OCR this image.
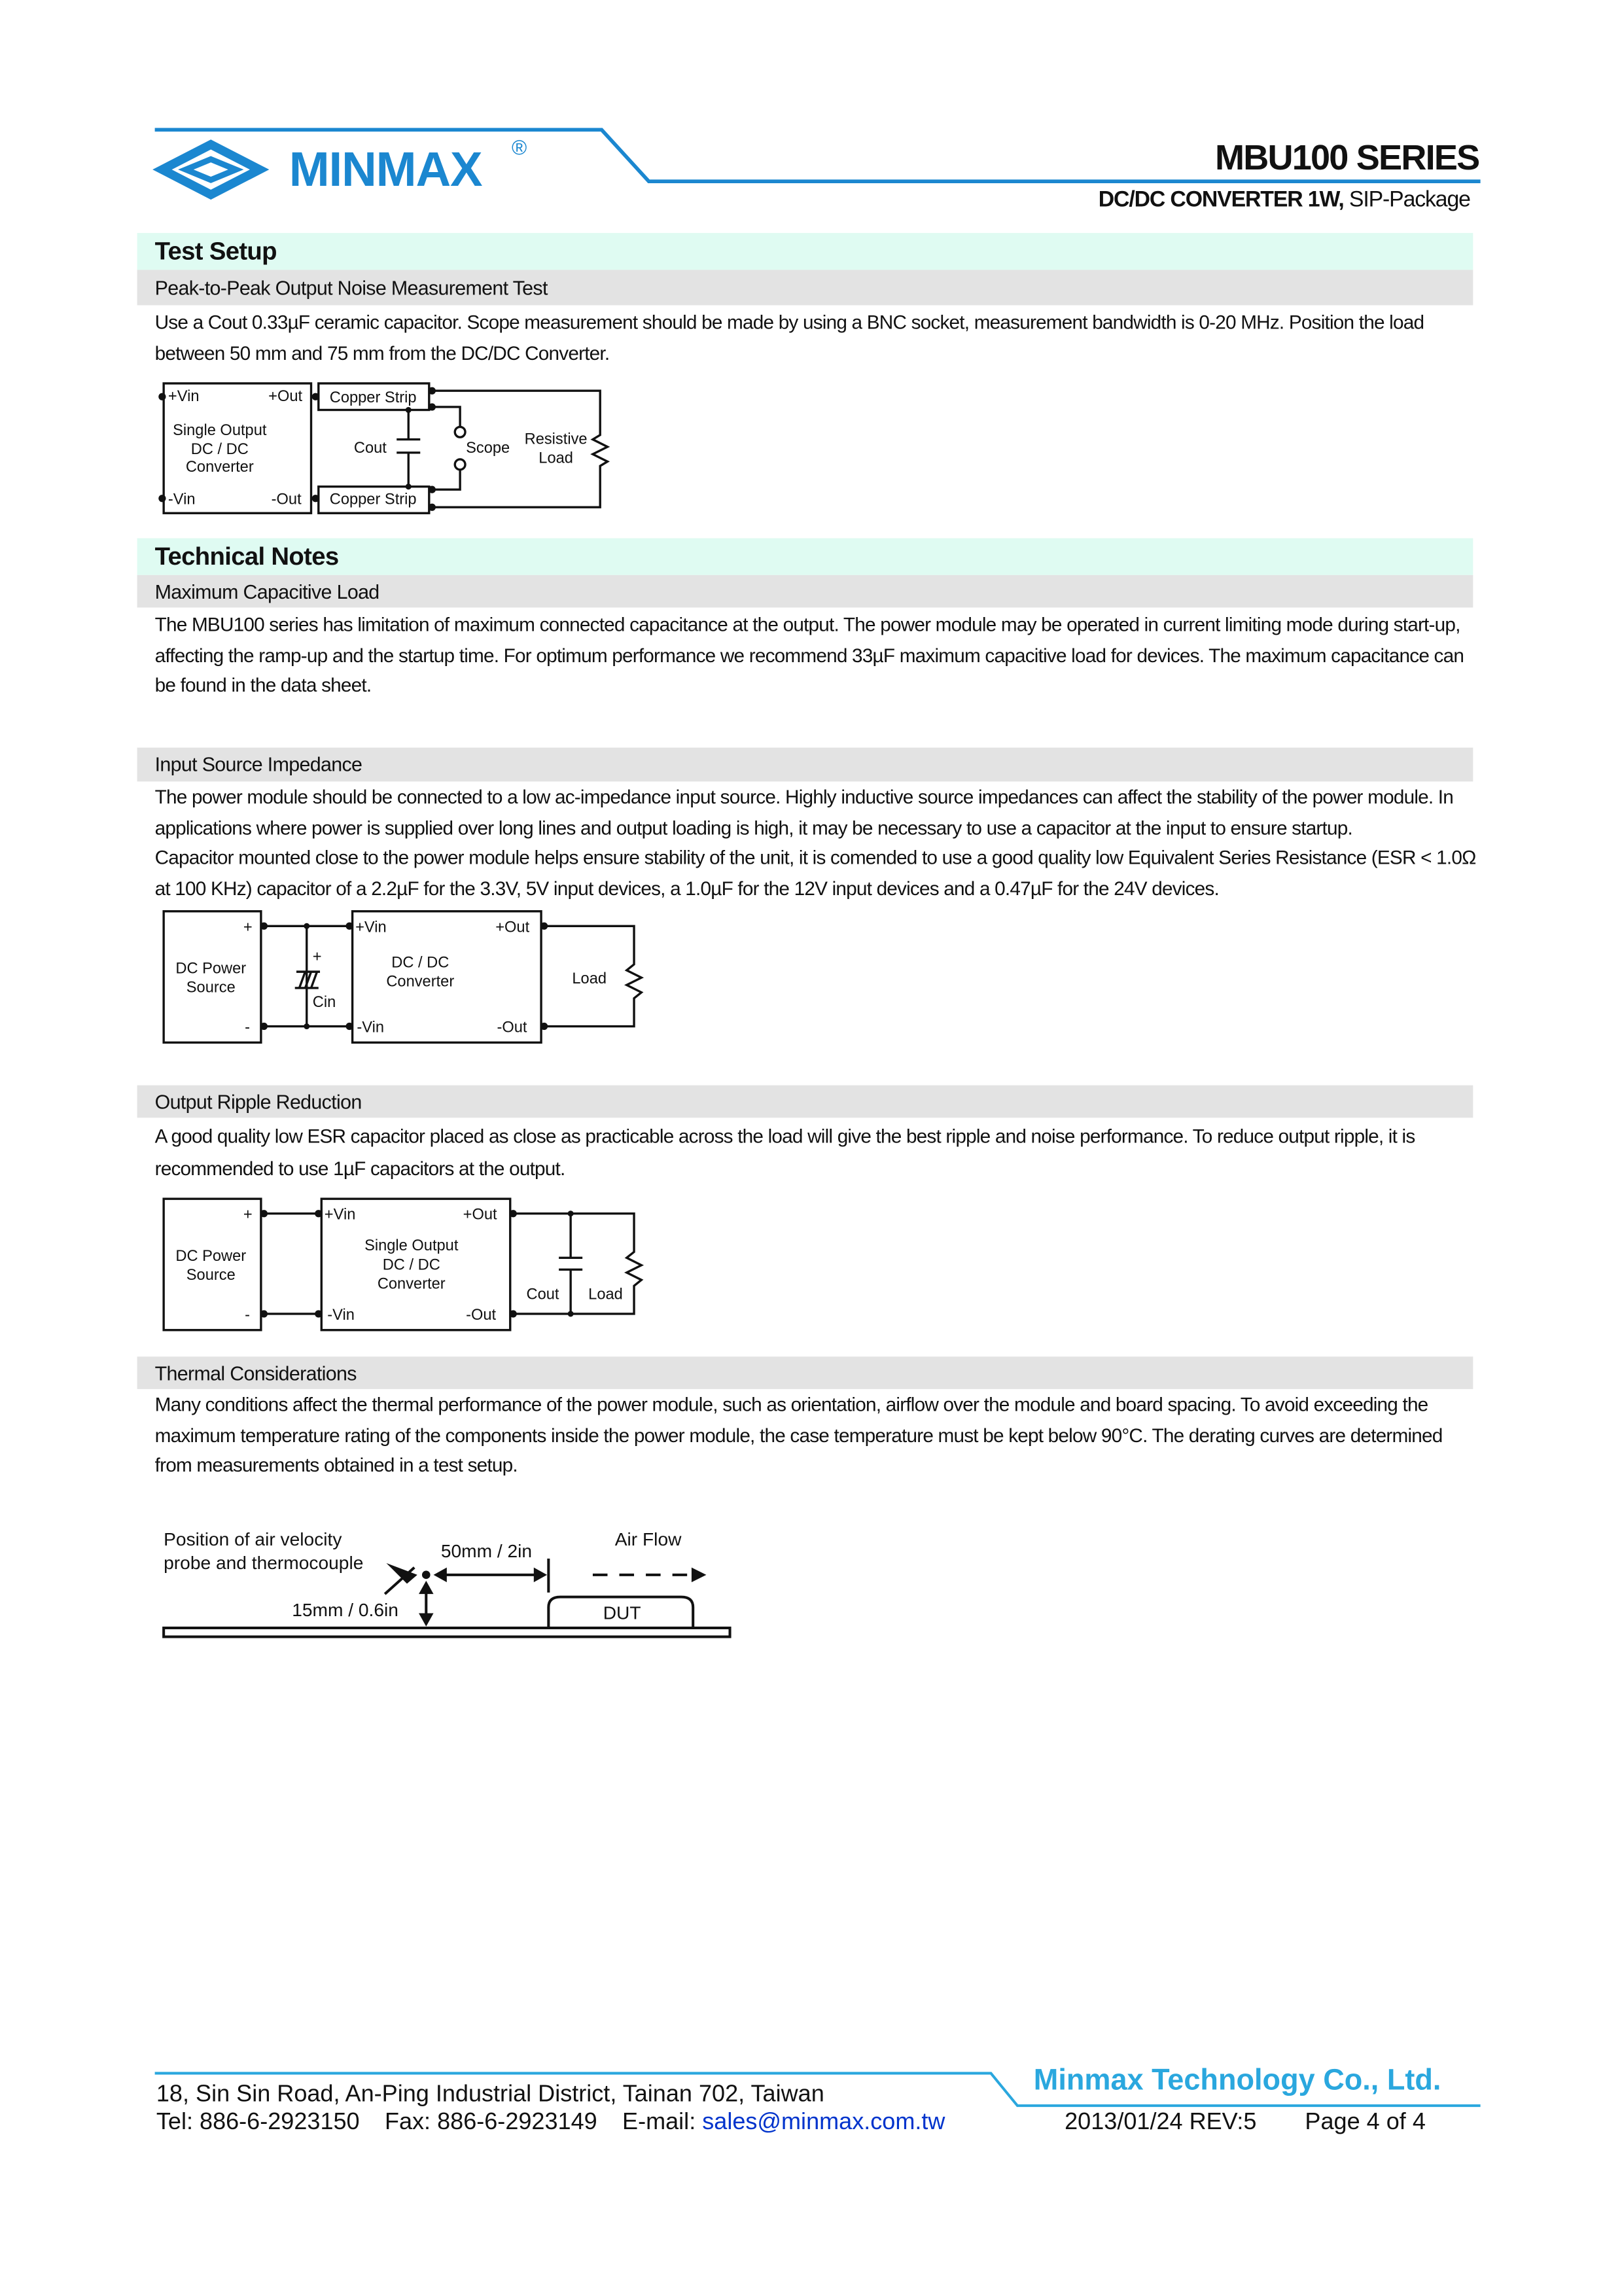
MINMAX	®	MBU100 SERIES
DC/DC CONVERTER 1W, SIP-Package
Test Setup
Peak-to-Peak Output Noise Measurement Test
Use a Cout 0.33µF ceramic capacitor. Scope measurement should be made by using a BNC socket, measurement bandwidth is 0-20 MHz. Position the load between 50 mm and 75 mm from the DC/DC Converter.
+Vin	+Out
-Vin	-Out
Single Output
DC / DC
Converter
Copper Strip
Copper Strip
Cout	Scope
Resistive
Load
Technical Notes
Maximum Capacitive Load
The MBU100 series has limitation of maximum connected capacitance at the output. The power module may be operated in current limiting mode during start-up, affecting the ramp-up and the startup time. For optimum performance we recommend 33µF maximum capacitive load for devices. The maximum capacitance can be found in the data sheet.
Input Source Impedance
The power module should be connected to a low ac-impedance input source. Highly inductive source impedances can affect the stability of the power module. In applications where power is supplied over long lines and output loading is high, it may be necessary to use a capacitor at the input to ensure startup.
Capacitor mounted close to the power module helps ensure stability of the unit, it is comended to use a good quality low Equivalent Series Resistance (ESR < 1.0Ω at 100 KHz) capacitor of a 2.2µF for the 3.3V, 5V input devices, a 1.0µF for the 12V input devices and a 0.47µF for the 24V devices.
DC Power
Source
+
-
+
Cin
+Vin
-Vin
+Out
-Out
DC / DC
Converter	Load
Output Ripple Reduction
A good quality low ESR capacitor placed as close as practicable across the load will give the best ripple and noise performance. To reduce output ripple, it is recommended to use 1µF capacitors at the output.
DC Power
Source
+
-
+Vin
-Vin
+Out
-Out
Single Output
DC / DC
Converter
Cout	Load
Thermal Considerations
Many conditions affect the thermal performance of the power module, such as orientation, airflow over the module and board spacing. To avoid exceeding the maximum temperature rating of the components inside the power module, the case temperature must be kept below 90°C. The derating curves are determined from measurements obtained in a test setup.
Position of air velocity
probe and thermocouple
50mm / 2in
15mm / 0.6in
Air Flow
DUT
Minmax Technology Co., Ltd.
18, Sin Sin Road, An-Ping Industrial District, Tainan 702, Taiwan
Tel: 886-6-2923150 Fax: 886-6-2923149 E-mail: sales@minmax.com.tw	2013/01/24 REV:5	Page 4 of 4
